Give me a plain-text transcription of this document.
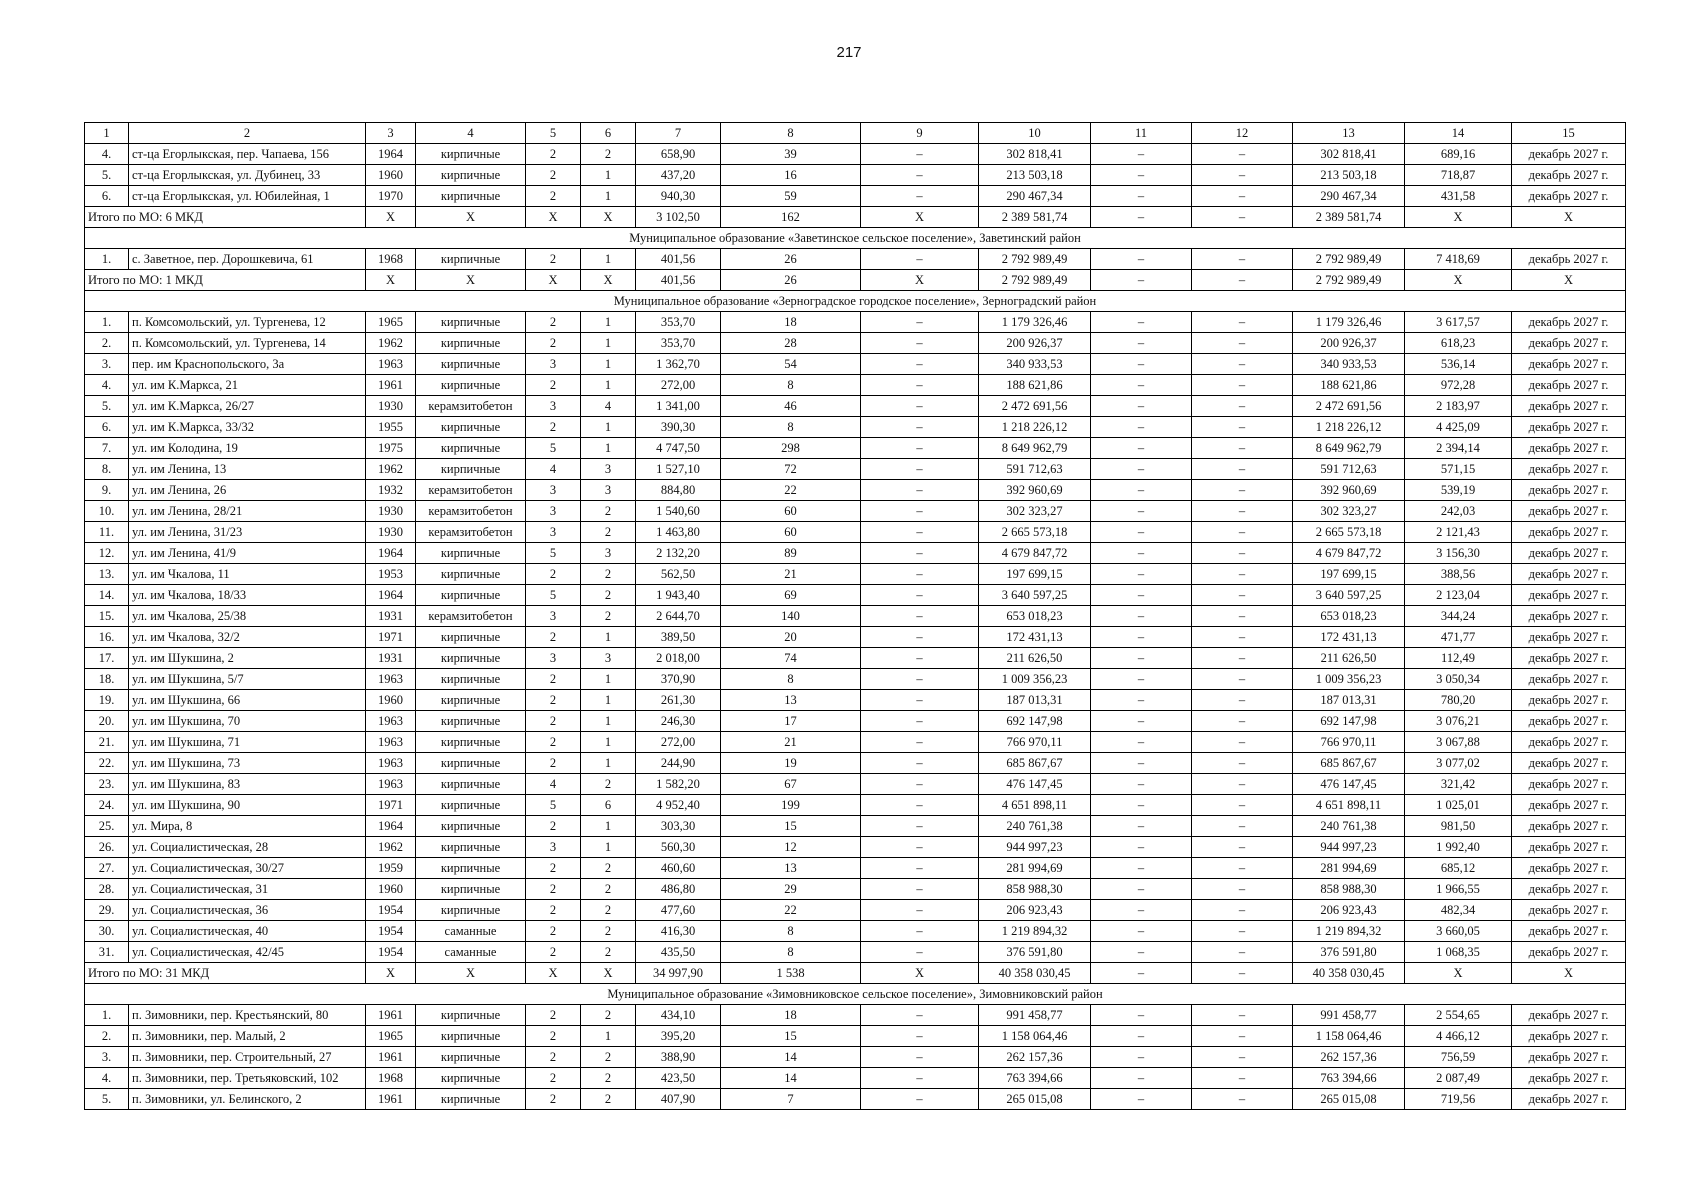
217
1	2	3	4	5	6	7	8	9	10	11	12	13	14	15
4.	ст-ца Егорлыкская, пер. Чапаева, 156	1964	кирпичные	2	2	658,90	39	–	302 818,41	–	–	302 818,41	689,16	декабрь 2027 г.
5.	ст-ца Егорлыкская, ул. Дубинец, 33	1960	кирпичные	2	1	437,20	16	–	213 503,18	–	–	213 503,18	718,87	декабрь 2027 г.
6.	ст-ца Егорлыкская, ул. Юбилейная, 1	1970	кирпичные	2	1	940,30	59	–	290 467,34	–	–	290 467,34	431,58	декабрь 2027 г.
Итого по МО: 6 МКД		Х	Х	Х	Х	3 102,50	162	Х	2 389 581,74	–	–	2 389 581,74	Х	Х
Муниципальное образование «Заветинское сельское поселение», Заветинский район														
1.	с. Заветное, пер. Дорошкевича, 61	1968	кирпичные	2	1	401,56	26	–	2 792 989,49	–	–	2 792 989,49	7 418,69	декабрь 2027 г.
Итого по МО: 1 МКД		Х	Х	Х	Х	401,56	26	Х	2 792 989,49	–	–	2 792 989,49	Х	Х
Муниципальное образование «Зерноградское городское поселение», Зерноградский район														
1.	п. Комсомольский, ул. Тургенева, 12	1965	кирпичные	2	1	353,70	18	–	1 179 326,46	–	–	1 179 326,46	3 617,57	декабрь 2027 г.
2.	п. Комсомольский, ул. Тургенева, 14	1962	кирпичные	2	1	353,70	28	–	200 926,37	–	–	200 926,37	618,23	декабрь 2027 г.
3.	пер. им Краснопольского, 3а	1963	кирпичные	3	1	1 362,70	54	–	340 933,53	–	–	340 933,53	536,14	декабрь 2027 г.
4.	ул. им К.Маркса, 21	1961	кирпичные	2	1	272,00	8	–	188 621,86	–	–	188 621,86	972,28	декабрь 2027 г.
5.	ул. им К.Маркса, 26/27	1930	керамзитобетон	3	4	1 341,00	46	–	2 472 691,56	–	–	2 472 691,56	2 183,97	декабрь 2027 г.
6.	ул. им К.Маркса, 33/32	1955	кирпичные	2	1	390,30	8	–	1 218 226,12	–	–	1 218 226,12	4 425,09	декабрь 2027 г.
7.	ул. им Колодина, 19	1975	кирпичные	5	1	4 747,50	298	–	8 649 962,79	–	–	8 649 962,79	2 394,14	декабрь 2027 г.
8.	ул. им Ленина, 13	1962	кирпичные	4	3	1 527,10	72	–	591 712,63	–	–	591 712,63	571,15	декабрь 2027 г.
9.	ул. им Ленина, 26	1932	керамзитобетон	3	3	884,80	22	–	392 960,69	–	–	392 960,69	539,19	декабрь 2027 г.
10.	ул. им Ленина, 28/21	1930	керамзитобетон	3	2	1 540,60	60	–	302 323,27	–	–	302 323,27	242,03	декабрь 2027 г.
11.	ул. им Ленина, 31/23	1930	керамзитобетон	3	2	1 463,80	60	–	2 665 573,18	–	–	2 665 573,18	2 121,43	декабрь 2027 г.
12.	ул. им Ленина, 41/9	1964	кирпичные	5	3	2 132,20	89	–	4 679 847,72	–	–	4 679 847,72	3 156,30	декабрь 2027 г.
13.	ул. им Чкалова, 11	1953	кирпичные	2	2	562,50	21	–	197 699,15	–	–	197 699,15	388,56	декабрь 2027 г.
14.	ул. им Чкалова, 18/33	1964	кирпичные	5	2	1 943,40	69	–	3 640 597,25	–	–	3 640 597,25	2 123,04	декабрь 2027 г.
15.	ул. им Чкалова, 25/38	1931	керамзитобетон	3	2	2 644,70	140	–	653 018,23	–	–	653 018,23	344,24	декабрь 2027 г.
16.	ул. им Чкалова, 32/2	1971	кирпичные	2	1	389,50	20	–	172 431,13	–	–	172 431,13	471,77	декабрь 2027 г.
17.	ул. им Шукшина, 2	1931	кирпичные	3	3	2 018,00	74	–	211 626,50	–	–	211 626,50	112,49	декабрь 2027 г.
18.	ул. им Шукшина, 5/7	1963	кирпичные	2	1	370,90	8	–	1 009 356,23	–	–	1 009 356,23	3 050,34	декабрь 2027 г.
19.	ул. им Шукшина, 66	1960	кирпичные	2	1	261,30	13	–	187 013,31	–	–	187 013,31	780,20	декабрь 2027 г.
20.	ул. им Шукшина, 70	1963	кирпичные	2	1	246,30	17	–	692 147,98	–	–	692 147,98	3 076,21	декабрь 2027 г.
21.	ул. им Шукшина, 71	1963	кирпичные	2	1	272,00	21	–	766 970,11	–	–	766 970,11	3 067,88	декабрь 2027 г.
22.	ул. им Шукшина, 73	1963	кирпичные	2	1	244,90	19	–	685 867,67	–	–	685 867,67	3 077,02	декабрь 2027 г.
23.	ул. им Шукшина, 83	1963	кирпичные	4	2	1 582,20	67	–	476 147,45	–	–	476 147,45	321,42	декабрь 2027 г.
24.	ул. им Шукшина, 90	1971	кирпичные	5	6	4 952,40	199	–	4 651 898,11	–	–	4 651 898,11	1 025,01	декабрь 2027 г.
25.	ул. Мира, 8	1964	кирпичные	2	1	303,30	15	–	240 761,38	–	–	240 761,38	981,50	декабрь 2027 г.
26.	ул. Социалистическая, 28	1962	кирпичные	3	1	560,30	12	–	944 997,23	–	–	944 997,23	1 992,40	декабрь 2027 г.
27.	ул. Социалистическая, 30/27	1959	кирпичные	2	2	460,60	13	–	281 994,69	–	–	281 994,69	685,12	декабрь 2027 г.
28.	ул. Социалистическая, 31	1960	кирпичные	2	2	486,80	29	–	858 988,30	–	–	858 988,30	1 966,55	декабрь 2027 г.
29.	ул. Социалистическая, 36	1954	кирпичные	2	2	477,60	22	–	206 923,43	–	–	206 923,43	482,34	декабрь 2027 г.
30.	ул. Социалистическая, 40	1954	саманные	2	2	416,30	8	–	1 219 894,32	–	–	1 219 894,32	3 660,05	декабрь 2027 г.
31.	ул. Социалистическая, 42/45	1954	саманные	2	2	435,50	8	–	376 591,80	–	–	376 591,80	1 068,35	декабрь 2027 г.
Итого по МО: 31 МКД		Х	Х	Х	Х	34 997,90	1 538	Х	40 358 030,45	–	–	40 358 030,45	Х	Х
Муниципальное образование «Зимовниковское сельское поселение», Зимовниковский район														
1.	п. Зимовники, пер. Крестьянский, 80	1961	кирпичные	2	2	434,10	18	–	991 458,77	–	–	991 458,77	2 554,65	декабрь 2027 г.
2.	п. Зимовники, пер. Малый, 2	1965	кирпичные	2	1	395,20	15	–	1 158 064,46	–	–	1 158 064,46	4 466,12	декабрь 2027 г.
3.	п. Зимовники, пер. Строительный, 27	1961	кирпичные	2	2	388,90	14	–	262 157,36	–	–	262 157,36	756,59	декабрь 2027 г.
4.	п. Зимовники, пер. Третьяковский, 102	1968	кирпичные	2	2	423,50	14	–	763 394,66	–	–	763 394,66	2 087,49	декабрь 2027 г.
5.	п. Зимовники, ул. Белинского, 2	1961	кирпичные	2	2	407,90	7	–	265 015,08	–	–	265 015,08	719,56	декабрь 2027 г.
